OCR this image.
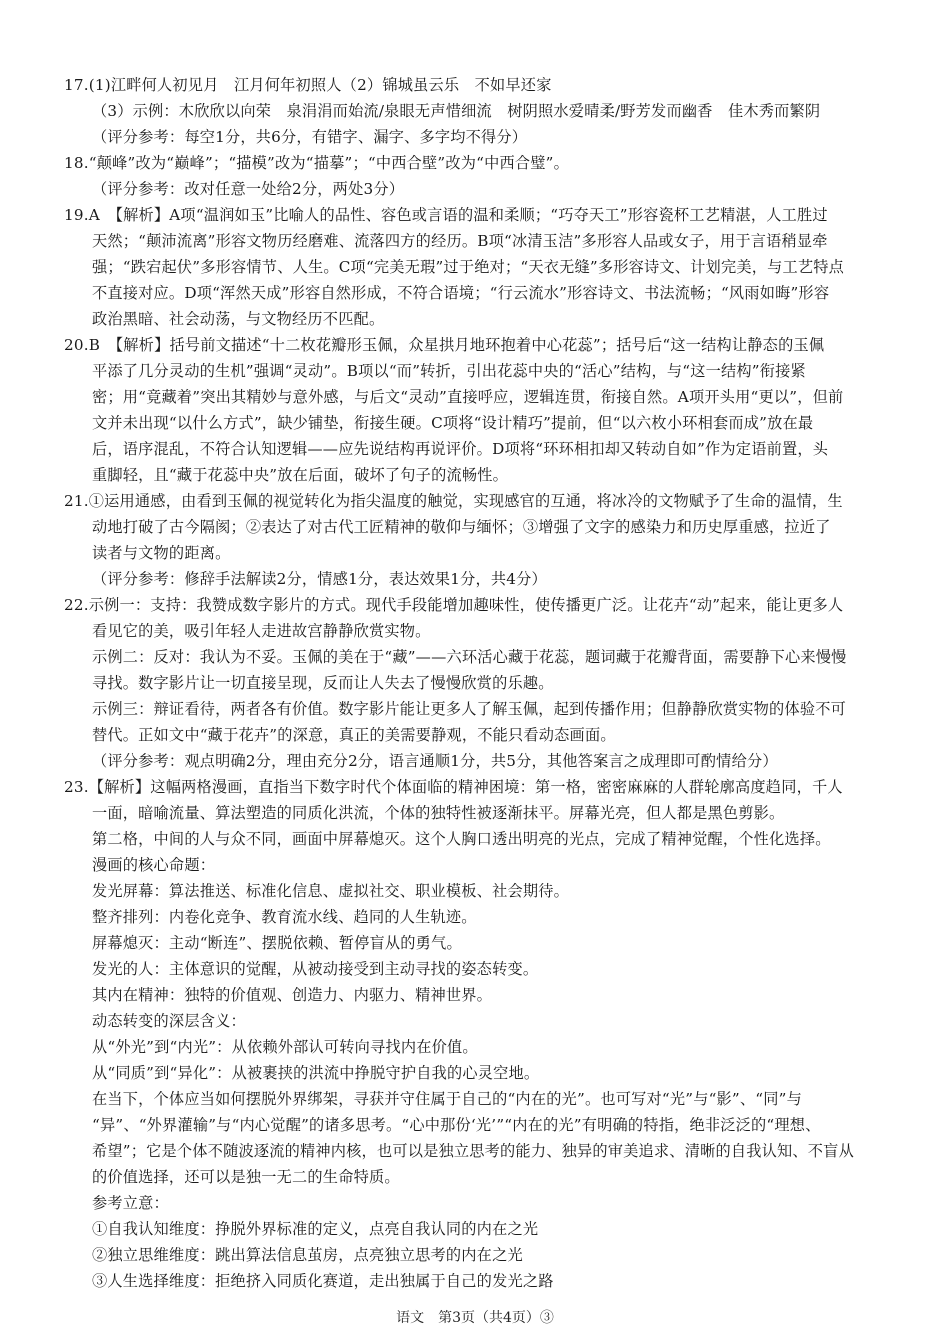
17.(1)江畔何人初见月　江月何年初照人（2）锦城虽云乐　不如早还家
（3）示例：木欣欣以向荣　泉涓涓而始流/泉眼无声惜细流　树阴照水爱晴柔/野芳发而幽香　佳木秀而繁阴
（评分参考：每空1分，共6分，有错字、漏字、多字均不得分）
18.“颠峰”改为“巅峰”；“描模”改为“描摹”；“中西合壁”改为“中西合璧”。
（评分参考：改对任意一处给2分，两处3分）
19.A　【解析】A项“温润如玉”比喻人的品性、容色或言语的温和柔顺；“巧夺天工”形容瓷杯工艺精湛，人工胜过
天然；“颠沛流离”形容文物历经磨难、流落四方的经历。B项“冰清玉洁”多形容人品或女子，用于言语稍显牵
强；“跌宕起伏”多形容情节、人生。C项“完美无瑕”过于绝对；“天衣无缝”多形容诗文、计划完美，与工艺特点
不直接对应。D项“浑然天成”形容自然形成，不符合语境；“行云流水”形容诗文、书法流畅；“风雨如晦”形容
政治黑暗、社会动荡，与文物经历不匹配。
20.B　【解析】括号前文描述“十二枚花瓣形玉佩，众星拱月地环抱着中心花蕊”；括号后“这一结构让静态的玉佩
平添了几分灵动的生机”强调“灵动”。B项以“而”转折，引出花蕊中央的“活心”结构，与“这一结构”衔接紧
密；用“竟藏着”突出其精妙与意外感，与后文“灵动”直接呼应，逻辑连贯，衔接自然。A项开头用“更以”，但前
文并未出现“以什么方式”，缺少铺垫，衔接生硬。C项将“设计精巧”提前，但“以六枚小环相套而成”放在最
后，语序混乱，不符合认知逻辑——应先说结构再说评价。D项将“环环相扣却又转动自如”作为定语前置，头
重脚轻，且“藏于花蕊中央”放在后面，破坏了句子的流畅性。
21.①运用通感，由看到玉佩的视觉转化为指尖温度的触觉，实现感官的互通，将冰冷的文物赋予了生命的温情，生
动地打破了古今隔阂；②表达了对古代工匠精神的敬仰与缅怀；③增强了文字的感染力和历史厚重感，拉近了
读者与文物的距离。
（评分参考：修辞手法解读2分，情感1分，表达效果1分，共4分）
22.示例一：支持：我赞成数字影片的方式。现代手段能增加趣味性，使传播更广泛。让花卉“动”起来，能让更多人
看见它的美，吸引年轻人走进故宫静静欣赏实物。
示例二：反对：我认为不妥。玉佩的美在于“藏”——六环活心藏于花蕊，题词藏于花瓣背面，需要静下心来慢慢
寻找。数字影片让一切直接呈现，反而让人失去了慢慢欣赏的乐趣。
示例三：辩证看待，两者各有价值。数字影片能让更多人了解玉佩，起到传播作用；但静静欣赏实物的体验不可
替代。正如文中“藏于花卉”的深意，真正的美需要静观，不能只看动态画面。
（评分参考：观点明确2分，理由充分2分，语言通顺1分，共5分，其他答案言之成理即可酌情给分）
23.【解析】这幅两格漫画，直指当下数字时代个体面临的精神困境：第一格，密密麻麻的人群轮廓高度趋同，千人
一面，暗喻流量、算法塑造的同质化洪流，个体的独特性被逐渐抹平。屏幕光亮，但人都是黑色剪影。
第二格，中间的人与众不同，画面中屏幕熄灭。这个人胸口透出明亮的光点，完成了精神觉醒，个性化选择。
漫画的核心命题：
发光屏幕：算法推送、标准化信息、虚拟社交、职业模板、社会期待。
整齐排列：内卷化竞争、教育流水线、趋同的人生轨迹。
屏幕熄灭：主动“断连”、摆脱依赖、暂停盲从的勇气。
发光的人：主体意识的觉醒，从被动接受到主动寻找的姿态转变。
其内在精神：独特的价值观、创造力、内驱力、精神世界。
动态转变的深层含义：
从“外光”到“内光”：从依赖外部认可转向寻找内在价值。
从“同质”到“异化”：从被裹挟的洪流中挣脱守护自我的心灵空地。
在当下，个体应当如何摆脱外界绑架，寻获并守住属于自己的“内在的光”。也可写对“光”与“影”、“同”与
“异”、“外界灌输”与“内心觉醒”的诸多思考。“心中那份‘光’”“内在的光”有明确的特指，绝非泛泛的“理想、
希望”；它是个体不随波逐流的精神内核，也可以是独立思考的能力、独异的审美追求、清晰的自我认知、不盲从
的价值选择，还可以是独一无二的生命特质。
参考立意：
①自我认知维度：挣脱外界标准的定义，点亮自我认同的内在之光
②独立思维维度：跳出算法信息茧房，点亮独立思考的内在之光
③人生选择维度：拒绝挤入同质化赛道，走出独属于自己的发光之路
语文　第3页（共4页）③
